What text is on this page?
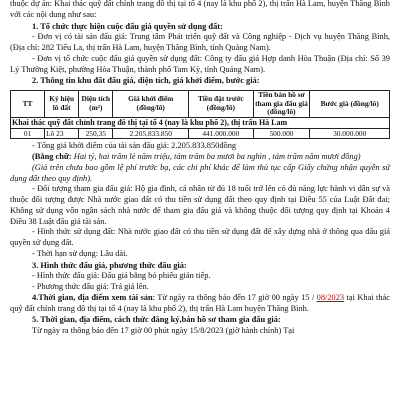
thuộc dự án: Khai thác quỹ đất chỉnh trang đô thị tại tổ 4 (nay là khu phố 2), thị trấn Hà Lam, huyện Thăng Bình với các nội dung như sau:

1. Tổ chức thực hiện cuộc đấu giá quyền sử dụng đất:

- Đơn vị có tài sản đấu giá: Trung tâm Phát triển quỹ đất và Công nghiệp - Dịch vụ huyện Thăng Bình, (Địa chỉ: 282 Tiểu La, thị trấn Hà Lam, huyện Thăng Bình, tỉnh Quảng Nam).

- Đơn vị tổ chức cuộc đấu giá quyền sử dụng đất: Công ty đấu giá Hợp danh Hòa Thuận (Địa chỉ: Số 39 Lý Thường Kiệt, phường Hòa Thuận, thành phố Tam Kỳ, tỉnh Quảng Nam).

2. Thông tin khu đất đấu giá, diện tích, giá khởi điểm, bước giá:

TT	Ký hiệu lô đất	Diện tích (m²)	Giá khởi điểm (đồng/lô)	Tiền đặt trước (đồng/lô)	Tiền bán hồ sơ tham gia đấu giá (đồng/lô)	Bước giá (đồng/lô)
Khai thác quỹ đất chỉnh trang đô thị tại tổ 4 (nay là khu phố 2), thị trấn Hà Lam						
01	Lô 23	250,35	2.205.833.850	441.000.000	500.000	30.000.000

- Tổng giá khởi điểm của tài sản đấu giá: 2.205.833.850đồng

(Bằng chữ: Hai tỷ, hai trăm lẻ năm triệu, tám trăm ba mươi ba nghìn , tám trăm năm mươi đồng)

(Giá trên chưa bao gồm lệ phí trước bạ, các chi phí khác để làm thủ tục cấp Giấy chứng nhận quyền sử dụng đất theo quy định).

- Đối tượng tham gia đấu giá: Hộ gia đình, cá nhân từ đủ 18 tuổi trở lên có đủ năng lực hành vi dân sự và thuộc đối tượng được Nhà nước giao đất có thu tiền sử dụng đất theo quy định tại Điều 55 của Luật Đất đai; Không sử dụng vốn ngân sách nhà nước để tham gia đấu giá và không thuộc đối tượng quy định tại Khoản 4 Điều 38 Luật đấu giá tài sản.

- Hình thức sử dụng đất: Nhà nước giao đất có thu tiền sử dụng đất để xây dựng nhà ở thông qua đấu giá quyền sử dụng đất.

- Thời hạn sử dụng: Lâu dài.

3. Hình thức đấu giá, phương thức đấu giá:

- Hình thức đấu giá: Đấu giá bằng bỏ phiếu gián tiếp.

- Phương thức đấu giá: Trả giá lên.

4.Thời gian, địa điểm xem tài sản: Từ ngày ra thông báo đến 17 giờ 00 ngày 15 / 08/2023 tại Khai thác quỹ đất chỉnh trang đô thị tại tổ 4 (nay là khu phố 2), thị trấn Hà Lam huyện Thăng Bình.

5. Thời gian, địa điểm, cách thức đăng ký,bán hồ sơ tham gia đấu giá:

Từ ngày ra thông báo đến 17 giờ 00 phút ngày 15/8/2023 (giờ hành chính) Tại
